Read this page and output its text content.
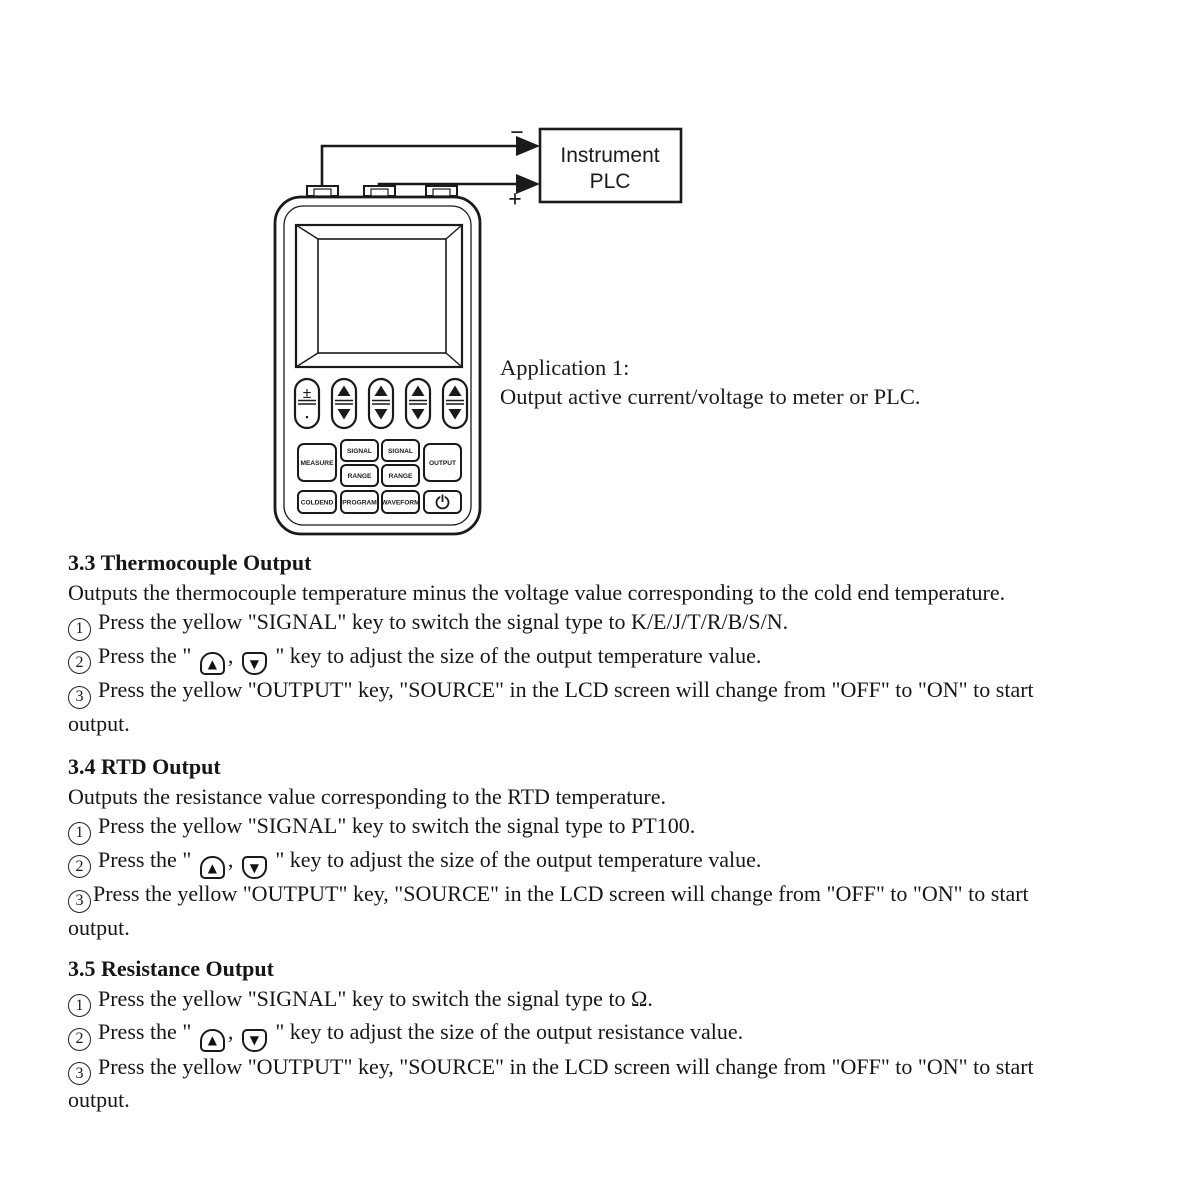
−
+
Instrument
PLC
±
▪
MEASURE
SIGNAL SIGNAL
RANGE	RANGE
OUTPUT
COLDEND PROGRAM WAVEFORM
Application 1:
Output active current/voltage to meter or PLC.
3.3 Thermocouple Output

Outputs the thermocouple temperature minus the voltage value corresponding to the cold end temperature.

1 Press the yellow "SIGNAL" key to switch the signal type to K/E/J/T/R/B/S/N.

2 Press the " ▲ , ▼ " key to adjust the size of the output temperature value.

3 Press the yellow "OUTPUT" key, "SOURCE" in the LCD screen will change from "OFF" to "ON" to start

output.

3.4 RTD Output

Outputs the resistance value corresponding to the RTD temperature.

1 Press the yellow "SIGNAL" key to switch the signal type to PT100.

2 Press the " ▲ , ▼ " key to adjust the size of the output temperature value.

3 Press the yellow "OUTPUT" key, "SOURCE" in the LCD screen will change from "OFF" to "ON" to start

output.

3.5 Resistance Output

1 Press the yellow "SIGNAL" key to switch the signal type to Ω.

2 Press the " ▲ , ▼ " key to adjust the size of the output resistance value.

3 Press the yellow "OUTPUT" key, "SOURCE" in the LCD screen will change from "OFF" to "ON" to start

output.
